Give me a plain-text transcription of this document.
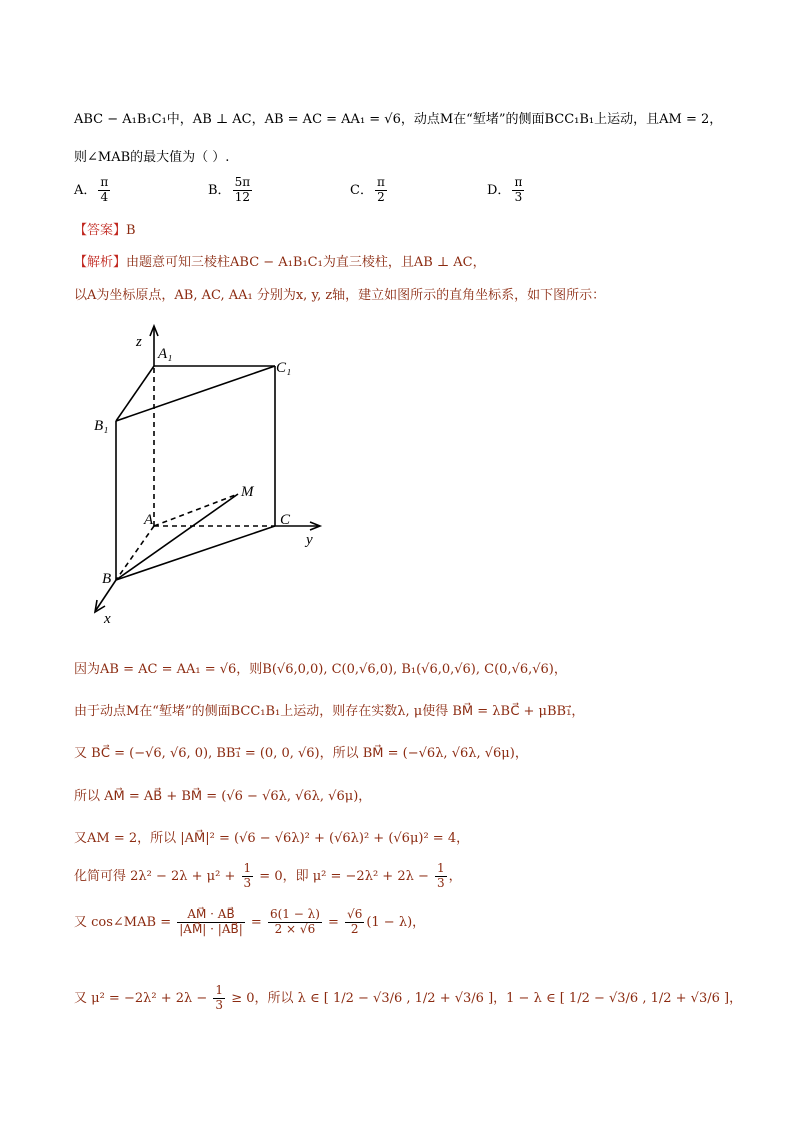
ABC − A₁B₁C₁中，AB ⊥ AC，AB = AC = AA₁ = √6，动点M在“堑堵”的侧面BCC₁B₁上运动，且AM = 2，
则∠MAB的最大值为（ ）.
A． $\frac{\pi}{4}$	B． $\frac{5\pi}{12}$	C． $\frac{\pi}{2}$	D． $\frac{\pi}{3}$
【答案】B
【解析】由题意可知三棱柱ABC − A₁B₁C₁为直三棱柱，且AB ⊥ AC，
以A为坐标原点，AB, AC, AA₁ 分别为x, y, z轴，建立如图所示的直角坐标系，如下图所示：
z
A₁
C₁
B₁
M
A	C
y
B
x
因为AB = AC = AA₁ = √6，则B(√6,0,0), C(0,√6,0), B₁(√6,0,√6), C(0,√6,√6)，
由于动点M在“堑堵”的侧面BCC₁B₁上运动，则存在实数λ, μ使得 BM⃗ = λBC⃗ + μBB₁⃗，
又 BC⃗ = (−√6, √6, 0), BB₁⃗ = (0, 0, √6)，所以 BM⃗ = (−√6λ, √6λ, √6μ)，
所以 AM⃗ = AB⃗ + BM⃗ = (√6 − √6λ, √6λ, √6μ)，
又AM = 2，所以 |AM⃗|² = (√6 − √6λ)² + (√6λ)² + (√6μ)² = 4，
化简可得 $2\lambda^2 - 2\lambda + \mu^2 + \frac{1}{3} = 0$，即 $\mu^2 = -2\lambda^2 + 2\lambda - \frac{1}{3}$ ，
又 cos∠MAB = $\frac{AM⃗ \cdot AB⃗}{|AM⃗| \cdot |AB⃗|} = \frac{6(1 - \lambda)}{2 \times √6} = \frac{√6}{2} (1 - \lambda)$，
又 $\mu^2 = -2\lambda^2 + 2\lambda - \frac{1}{3} \ge 0$，所以 λ ∈ [ 1/2 − √3/6 , 1/2 + √3/6 ]，1 − λ ∈ [ 1/2 − √3/6 , 1/2 + √3/6 ]，
